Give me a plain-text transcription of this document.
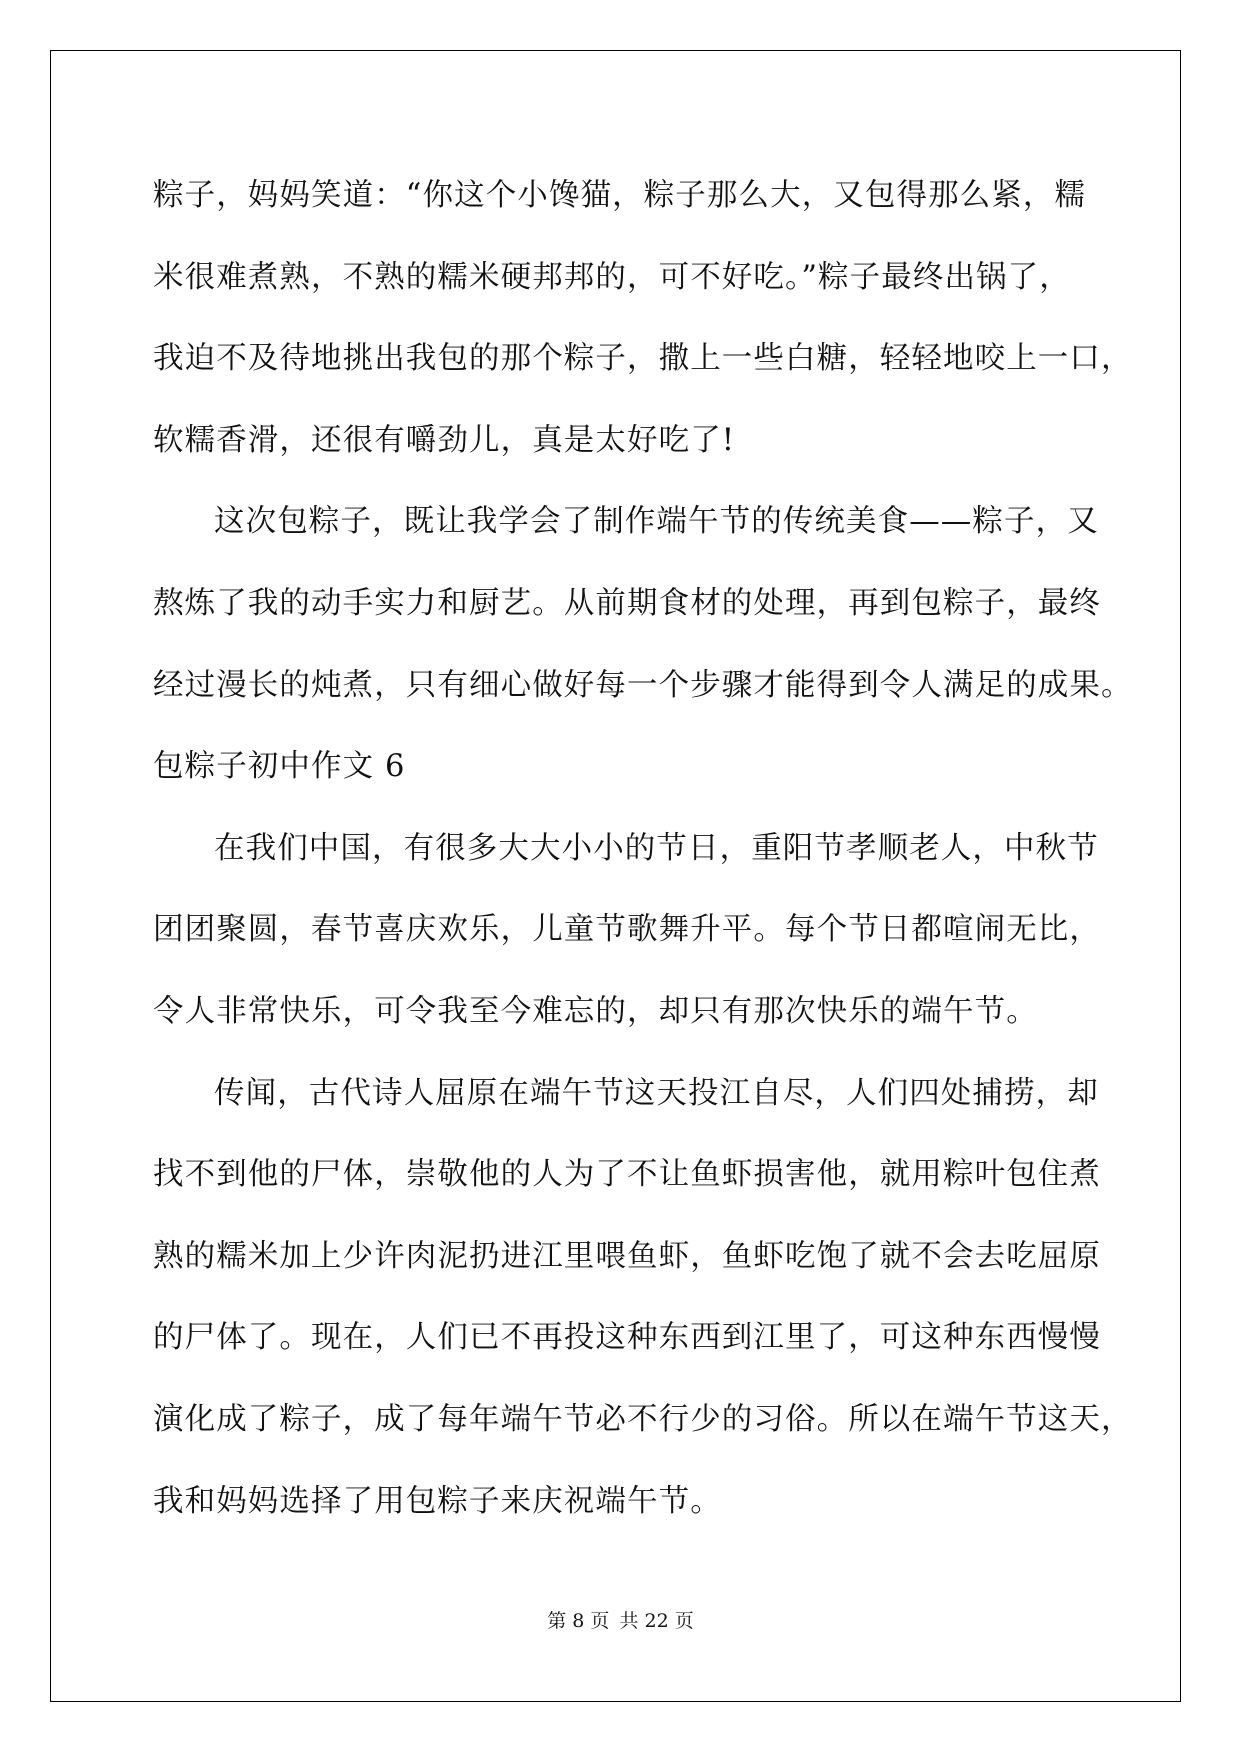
粽子，妈妈笑道：“你这个小馋猫，粽子那么大，又包得那么紧，糯
米很难煮熟，不熟的糯米硬邦邦的，可不好吃。”粽子最终出锅了，
我迫不及待地挑出我包的那个粽子，撒上一些白糖，轻轻地咬上一口，
软糯香滑，还很有嚼劲儿，真是太好吃了!
这次包粽子，既让我学会了制作端午节的传统美食——粽子，又
熬炼了我的动手实力和厨艺。从前期食材的处理，再到包粽子，最终
经过漫长的炖煮，只有细心做好每一个步骤才能得到令人满足的成果。
包粽子初中作文 6
在我们中国，有很多大大小小的节日，重阳节孝顺老人，中秋节
团团聚圆，春节喜庆欢乐，儿童节歌舞升平。每个节日都喧闹无比，
令人非常快乐，可令我至今难忘的，却只有那次快乐的端午节。
传闻，古代诗人屈原在端午节这天投江自尽，人们四处捕捞，却
找不到他的尸体，崇敬他的人为了不让鱼虾损害他，就用粽叶包住煮
熟的糯米加上少许肉泥扔进江里喂鱼虾，鱼虾吃饱了就不会去吃屈原
的尸体了。现在，人们已不再投这种东西到江里了，可这种东西慢慢
演化成了粽子，成了每年端午节必不行少的习俗。所以在端午节这天，
我和妈妈选择了用包粽子来庆祝端午节。
第 8 页 共 22 页
